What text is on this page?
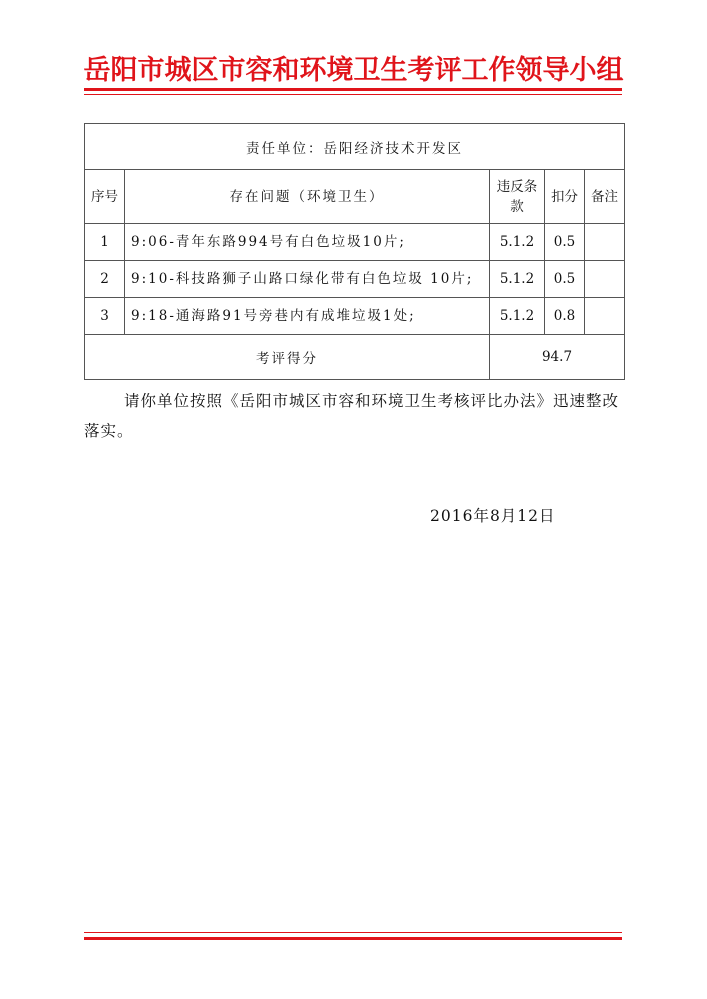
岳阳市城区市容和环境卫生考评工作领导小组
责任单位：岳阳经济技术开发区				
序号	存在问题（环境卫生）	违反条款	扣分	备注
1	9:06-青年东路994号有白色垃圾10片;	5.1.2	0.5	
2	9:10-科技路狮子山路口绿化带有白色垃圾 10片;	5.1.2	0.5	
3	9:18-通海路91号旁巷内有成堆垃圾1处;	5.1.2	0.8	
考评得分		94.7		
请你单位按照《岳阳市城区市容和环境卫生考核评比办法》迅速整改落实。
2016年8月12日
